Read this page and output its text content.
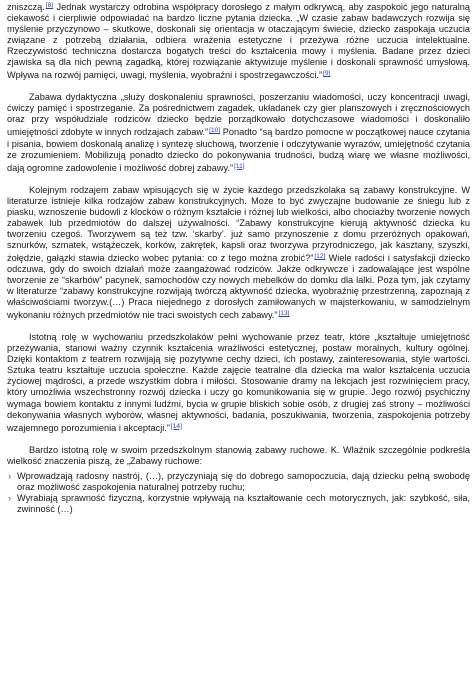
zniszczą.[8] Jednak wystarczy odrobina współpracy dorosłego z małym odkrywcą, aby zaspokoić jego naturalną ciekawość i cierpliwie odpowiadać na bardzo liczne pytania dziecka. „W czasie zabaw badawczych rozwija się myślenie przyczynowo – skutkowe, doskonali się orientacja w otaczającym świecie, dziecko zaspokaja uczucia związane z potrzebą działania, odbiera wrażenia estetyczne i przeżywa różne uczucia intelektualne. Rzeczywistość techniczna dostarcza bogatych treści do kształcenia mowy i myślenia. Badane przez dzieci zjawiska są dla nich pewną zagadką, której rozwiązanie aktywizuje myślenie i doskonali sprawność umysłową. Wpływa na rozwój pamięci, uwagi, myślenia, wyobraźni i spostrzegawczości.”[9]

Zabawa dydaktyczna „służy doskonaleniu sprawności, poszerzaniu wiadomości, uczy koncentracji uwagi, ćwiczy pamięć i spostrzeganie. Za pośrednictwem zagadek, układanek czy gier planszowych i zręcznościowych oraz przy współudziale rodziców dziecko będzie porządkowało dotychczasowe wiadomości i doskonaliło umiejętności zdobyte w innych rodzajach zabaw.”[10] Ponadto “są bardzo pomocne w początkowej nauce czytania i pisania, bowiem doskonalą analizę i syntezę słuchową, tworzenie i odczytywanie wyrazów, umiejętność czytania ze zrozumieniem. Mobilizują ponadto dziecko do pokonywania trudności, budzą wiarę we własne możliwości, dają ogromne zadowolenie i możliwość dobrej zabawy.”[11]

Kolejnym rodzajem zabaw wpisujących się w życie każdego przedszkolaka są zabawy konstrukcyjne. W literaturze istnieje kilka rodzajów zabaw konstrukcyjnych. Może to być zwyczajne budowanie ze śniegu lub z piasku, wznoszenie budowli z klocków o różnym kształcie i różnej lub wielkości, albo chociażby tworzenie nowych zabawek lub przedmiotów do dalszej używalności. “Zabawy konstrukcyjne kierują aktywność dziecka ku tworzeniu czegoś. Tworzywem są też tzw. ‘skarby’. już samo przynoszenie z domu przeróżnych opakowań, sznurków, szmatek, wstążeczek, korków, zakrętek, kapsli oraz tworzywa przyrodniczego, jak kasztany, szyszki, żołędzie, gałązki stawia dziecko wobec pytania: co z tego można zrobić?”[12] Wiele radości i satysfakcji dziecko odczuwa, gdy do swoich działań może zaangażować rodziców. Jakże odkrywcze i zadowalające jest wspólne tworzenie ze “skarbów” pacynek, samochodów czy nowych mebelków do domku dla lalki. Poza tym, jak czytamy w literaturze “zabawy konstrukcyjne rozwijają twórczą aktywność dziecka, wyobraźnię przestrzenną, zapoznają z właściwościami tworzyw.(…) Praca niejednego z dorosłych zamiłowanych w majsterkowaniu, w samodzielnym wykonaniu różnych przedmiotów nie traci swoistych cech zabawy.”[13]

Istotną rolę w wychowaniu przedszkolaków pełni wychowanie przez teatr, które „kształtuje umiejętność przeżywania, stanowi ważny czynnik kształcenia wrażliwości estetycznej, postaw moralnych, kultury ogólnej. Dzięki kontaktom z teatrem rozwijają się pozytywne cechy dzieci, ich postawy, zainteresowania, style wartości. Sztuka teatru kształtuje uczucia społeczne. Każde zajęcie teatralne dla dziecka ma walor kształcenia uczucia życiowej mądrości, a przede wszystkim dobra i miłości. Stosowanie dramy na lekcjach jest rozwinięciem pracy, który umożliwia wszechstronny rozwój dziecka i uczy go komunikowania się w grupie. Jego rozwój psychiczny wymaga bowiem kontaktu z innymi ludźmi, bycia w grupie bliskich sobie osób, z drugiej zaś strony – możliwości dekonywania własnych wyborów, własnej aktywności, badania, poszukiwania, tworzenia, zaspokojenia potrzeby wzajemnego porozumienia i akceptacji.”[14]

Bardzo istotną rolę w swoim przedszkolnym stanowią zabawy ruchowe. K. Wlaźnik szczególnie podkreśla wielkość znaczenia piszą, że „Zabawy ruchowe:

› Wprowadzają radosny nastrój, (…), przyczyniają się do dobrego samopoczucia, dają dziecku pełną swobodę oraz możliwość zaspokojenia naturalnej potrzeby ruchu;
› Wyrabiają sprawność fizyczną, korzystnie wpływają na kształtowanie cech motorycznych, jak: szybkość, siła, zwinność (…)
